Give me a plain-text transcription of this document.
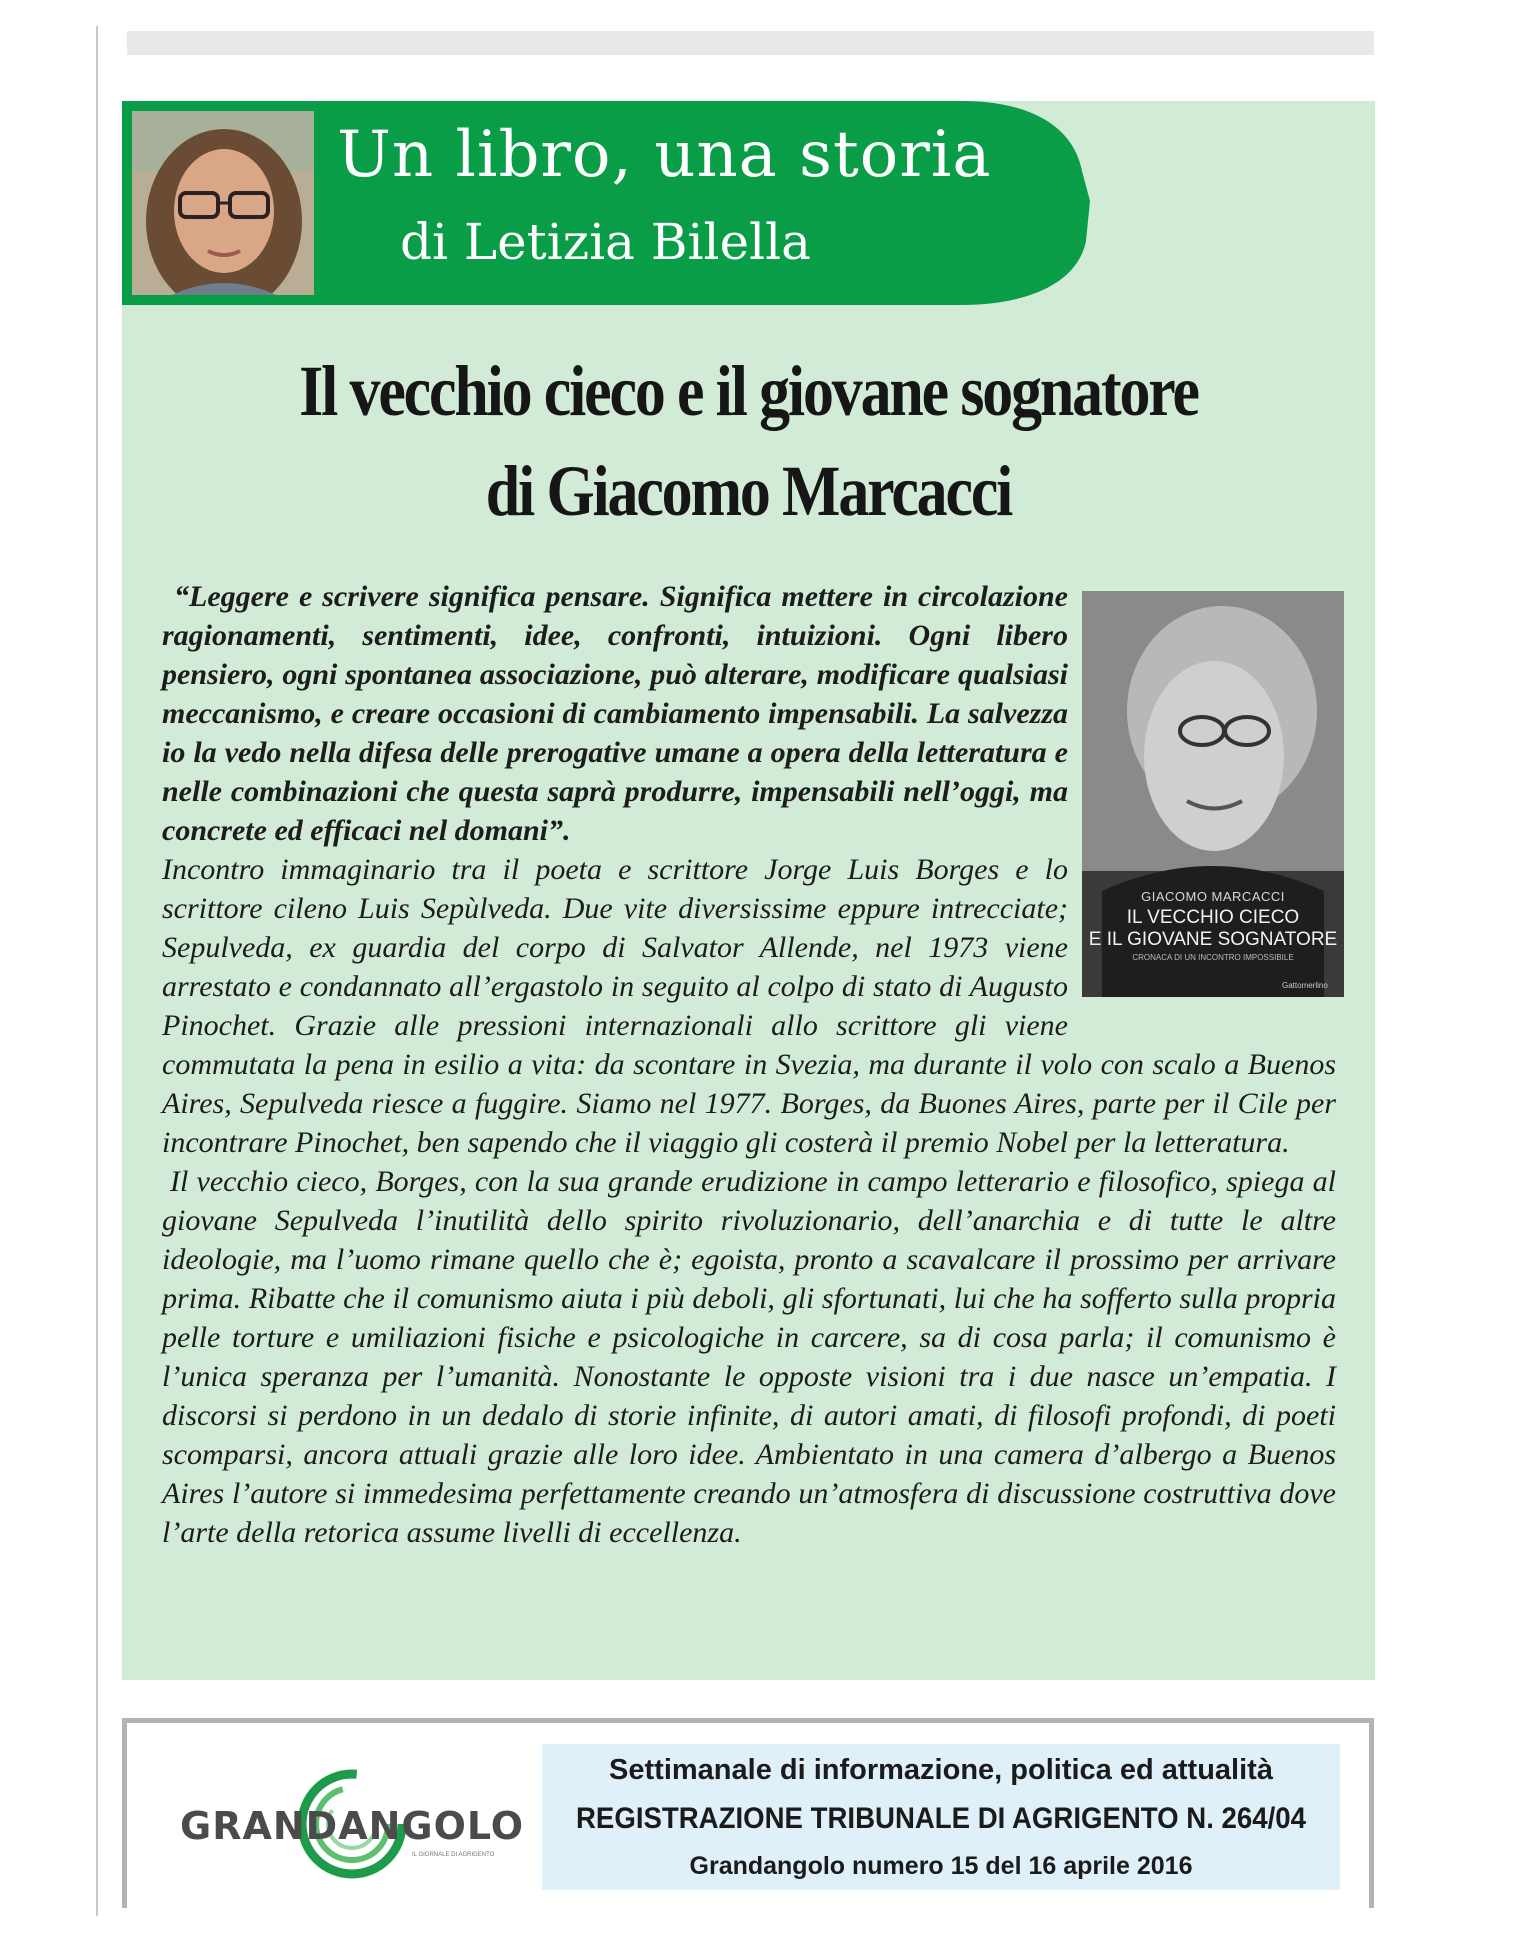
Un libro, una storia
di Letizia Bilella
Il vecchio cieco e il giovane sognatore
di Giacomo Marcacci

“Leggere e scrivere significa pensare. Significa mettere in circolazione ragionamenti, sentimenti, idee, confronti, intuizioni. Ogni libero pensiero, ogni spontanea associazione, può alterare, modificare qualsiasi meccanismo, e creare occasioni di cambiamento impensabili. La salvezza io la vedo nella difesa delle prerogative umane a opera della letteratura e nelle combinazioni che questa saprà produrre, impensabili nell’oggi, ma concrete ed efficaci nel domani”.

Incontro immaginario tra il poeta e scrittore Jorge Luis Borges e lo scrittore cileno Luis Sepùlveda. Due vite diversissime eppure intrecciate; Sepulveda, ex guardia del corpo di Salvator Allende, nel 1973 viene arrestato e condannato all’ergastolo in seguito al colpo di stato di Augusto Pinochet. Grazie alle pressioni internazionali allo scrittore gli viene commutata la pena in esilio a vita: da scontare in Svezia, ma durante il volo con scalo a Buenos Aires, Sepulveda riesce a fuggire. Siamo nel 1977. Borges, da Buones Aires, parte per il Cile per incontrare Pinochet, ben sapendo che il viaggio gli costerà il premio Nobel per la letteratura.

Il vecchio cieco, Borges, con la sua grande erudizione in campo letterario e filosofico, spiega al giovane Sepulveda l’inutilità dello spirito rivoluzionario, dell’anarchia e di tutte le altre ideologie, ma l’uomo rimane quello che è; egoista, pronto a scavalcare il prossimo per arrivare prima. Ribatte che il comunismo aiuta i più deboli, gli sfortunati, lui che ha sofferto sulla propria pelle torture e umiliazioni fisiche e psicologiche in carcere, sa di cosa parla; il comunismo è l’unica speranza per l’umanità. Nonostante le opposte visioni tra i due nasce un’empatia. I discorsi si perdono in un dedalo di storie infinite, di autori amati, di filosofi profondi, di poeti scomparsi, ancora attuali grazie alle loro idee. Ambientato in una camera d’albergo a Buenos Aires l’autore si immedesima perfettamente creando un’atmosfera di discussione costruttiva dove l’arte della retorica assume livelli di eccellenza.

GIACOMO MARCACCI
IL VECCHIO CIECO
E IL GIOVANE SOGNATORE
CRONACA DI UN INCONTRO IMPOSSIBILE
Gattomerlino
GRANDANGOLO
IL GIORNALE DI AGRIGENTO
Settimanale di informazione, politica ed attualità
REGISTRAZIONE TRIBUNALE DI AGRIGENTO N. 264/04
Grandangolo numero 15 del 16 aprile 2016
